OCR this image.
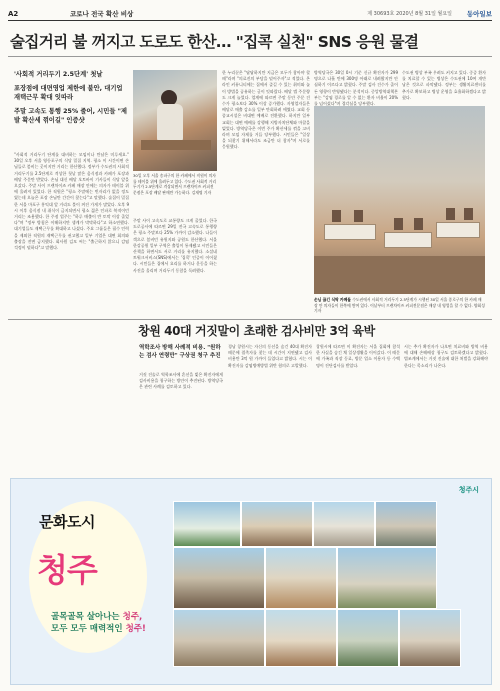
A2	코로나 전국 확산 비상	제 30693호 2020년 8월 31일 월요일 동아일보
술집거리 불 꺼지고 도로도 한산… "집콕 실천" SNS 응원 물결
'사회적 거리두기 2.5단계' 첫날
포장점에 대면영업 제한에 불안, 대기업 재택근무 확대 잇따라
주말 고속도 통행 25% 줄어, 시민들 "제발 확산세 꺾이길" 인증샷
"사회적 거리두기 단계를 대비하는 모임이나 만남은 미루세요." 30일 오후 서울 영등포구의 식당 밀집 지역. 평소 이 시간이면 손님들로 붐비는 곳이지만 거리는 한산했다. 정부가 수도권의 사회적 거리두기를 2.5단계로 격상한 첫날 많은 음식점과 카페가 포장과 배달 주문만 받았다. 손님 대신 배달 오토바이 기사들이 식당 앞을 오갔다. 주말 사이 프랜차이즈 카페 매장 안에는 의자가 테이블 위에 올려져 있었다. 한 직원은 "평소 주말에는 빈자리가 없을 정도였는데 오늘은 포장 손님만 간간이 찾는다"고 말했다. 술집이 밀집한 서울 마포구 홍익대 앞 거리도 불이 꺼진 가게가 많았다. 오후 9시 이후 음식점 내 취식이 금지되면서 평소 젊은 인파로 북적이던 거리는 조용했다. 한 주점 업주는 "하루 매출이 반 토막 이상 줄었다"며 "정부 방침은 이해하지만 생계가 막막하다"고 하소연했다. 대기업들도 재택근무를 확대하고 나섰다. 주요 그룹들은 필수 인력을 제외한 직원의 재택근무를 권고했고 일부 기업은 대면 회의와 출장을 전면 금지했다. 회사원 김모 씨는 "출근하지 않으니 감염 걱정이 덜하다"고 말했다.
30일 오후 서울 송파구의 한 카페에서 직원이 의자를 테이블 위에 올려두고 있다. 수도권 사회적 거리두기가 2.5단계로 격상되면서 프랜차이즈 커피전문점은 포장 배달 판매만 가능하다. 김재명 기자
주말 사이 고속도로 교통량도 크게 줄었다. 한국도로공사에 따르면 29일 전국 고속도로 통행량은 평소 주말보다 25% 가까이 감소했다. 나들이객으로 붐비던 유원지와 공원도 한산했다. 서울 한강공원 일부 구역은 출입이 통제됐고 시민들은 산책을 하면서도 서로 거리를 유지했다. 소셜네트워크서비스(SNS)에서는 '집콕' 인증이 이어졌다. 시민들은 집에서 요리를 하거나 운동을 하는 사진을 올리며 거리두기 동참을 독려했다.
한 누리꾼은 "답답하지만 지금은 모두가 참아야 할 때"라며 "의료진의 부담을 덜어주자"고 적었다. 온라인 커뮤니티에는 집에서 즐길 수 있는 취미와 놀이 방법을 공유하는 글이 잇따랐다. 배달 앱 주문량도 크게 늘었다. 업계에 따르면 주말 동안 주문 건수가 평소보다 30% 이상 증가했다. 자영업자들은 배달로 매출 감소를 일부 만회하려 애썼다. 교회 등 종교시설은 비대면 예배로 전환했다. 하지만 일부 교회는 대면 예배를 강행해 지방자치단체와 마찰을 빚었다. 방역당국은 이번 주가 확산세를 꺾을 고비라며 모임 자제를 거듭 당부했다. 시민들은 "일상을 되찾기 위해서라도 조금만 더 참자"며 서로를 응원했다.
방역당국은 30일 0시 기준 신규 확진자가 299명으로 나흘 만에 300명 아래로 내려왔지만 안심하기 이르다고 밝혔다. 주말 검사 건수가 줄어든 영향이 반영됐다는 분석이다. 중앙방역대책본부는 "감염 경로를 알 수 없는 환자 비율이 20%를 넘어섰다"며 경각심을 당부했다.
수도권 병상 부족 우려도 커지고 있다. 중증 환자를 치료할 수 있는 병상은 수도권에 10여 개만 남은 것으로 파악됐다. 정부는 생활치료센터를 추가로 확보하고 병상 운영을 효율화하겠다고 밝혔다.
손님 끊긴 식탁 카페들 수도권에서 사회적 거리두기 2.5단계가 시행된 30일 서울 종로구의 한 카페 매장 안 의자들이 한쪽에 쌓여 있다. 이날부터 프랜차이즈 커피전문점은 매장 내 영업을 할 수 없다. 양회성 기자
창원 40대 거짓말이 초래한 검사비만 3억 육박
역학조사 방해 사례적 비용. "원하는 검사 연령만" 구상권 청구 추진
거짓 진술로 역학조사에 혼선을 빚은 확진자에게 검사비용을 청구하는 방안이 추진된다. 방역당국은 관련 사례를 검토하고 있다.
경남 창원시는 자신의 동선을 숨긴 40대 확진자 때문에 접촉자를 찾는 데 시간이 지연됐고 검사 비용만 3억 원 가까이 들었다고 밝혔다. 시는 이 확진자를 감염병예방법 위반 혐의로 고발했다.
창원시에 따르면 이 확진자는 서울 집회에 참석한 사실을 숨긴 채 일상생활을 이어갔다. 이 때문에 가족과 직장 동료, 방문 업소 이용자 등 수백 명이 진단검사를 받았다.
시는 추가 확진자가 나오면 치료비와 방역 비용에 대해 손해배상 청구도 검토하겠다고 밝혔다. 법조계에서는 거짓 진술에 대한 처벌을 강화해야 한다는 목소리가 나온다.
문화도시
청주
골목골목 살아나는 청주,
모두 모두 매력적인 청주!
청주시
